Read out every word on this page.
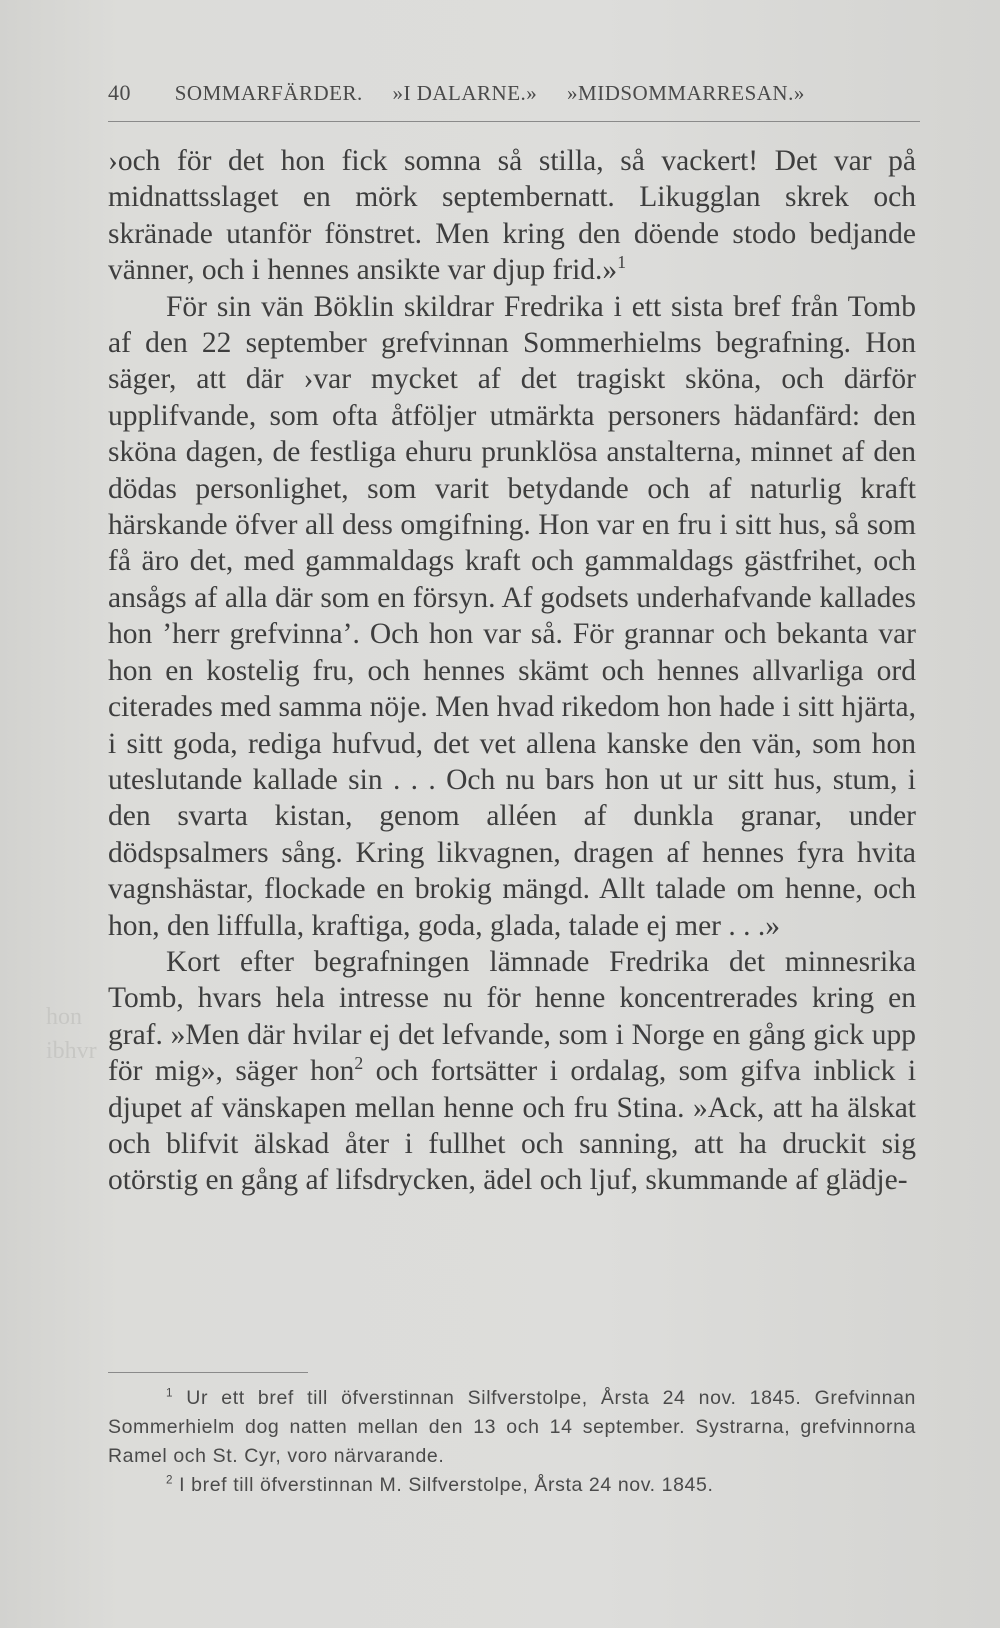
40 SOMMARFÄRDER. »I DALARNE.» »MIDSOMMARRESAN.»

›och för det hon fick somna så stilla, så vackert! Det var på midnattsslaget en mörk septembernatt. Likugglan skrek och skränade utanför fönstret. Men kring den döende stodo bedjande vänner, och i hennes ansikte var djup frid.»$^1$

För sin vän Böklin skildrar Fredrika i ett sista bref från Tomb af den 22 september grefvinnan Sommerhielms begrafning. Hon säger, att där ›var mycket af det tragiskt sköna, och därför upplifvande, som ofta åtföljer utmärkta personers hädanfärd: den sköna dagen, de festliga ehuru prunklösa anstalterna, minnet af den dödas personlighet, som varit betydande och af naturlig kraft härskande öfver all dess omgifning. Hon var en fru i sitt hus, så som få äro det, med gammaldags kraft och gammaldags gästfrihet, och ansågs af alla där som en försyn. Af godsets underhafvande kallades hon ’herr grefvinna’. Och hon var så. För grannar och bekanta var hon en kostelig fru, och hennes skämt och hennes allvarliga ord citerades med samma nöje. Men hvad rikedom hon hade i sitt hjärta, i sitt goda, rediga hufvud, det vet allena kanske den vän, som hon uteslutande kallade sin . . . Och nu bars hon ut ur sitt hus, stum, i den svarta kistan, genom alléen af dunkla granar, under dödspsalmers sång. Kring likvagnen, dragen af hennes fyra hvita vagnshästar, flockade en brokig mängd. Allt talade om henne, och hon, den liffulla, kraftiga, goda, glada, talade ej mer . . .»

Kort efter begrafningen lämnade Fredrika det minnesrika Tomb, hvars hela intresse nu för henne koncentrerades kring en graf. »Men där hvilar ej det lefvande, som i Norge en gång gick upp för mig», säger hon$^2$ och fortsätter i ordalag, som gifva inblick i djupet af vänskapen mellan henne och fru Stina. »Ack, att ha älskat och blifvit älskad åter i fullhet och sanning, att ha druckit sig otörstig en gång af lifsdrycken, ädel och ljuf, skummande af glädje-

$^1$ Ur ett bref till öfverstinnan Silfverstolpe, Årsta 24 nov. 1845. Grefvinnan Sommerhielm dog natten mellan den 13 och 14 september. Systrarna, grefvinnorna Ramel och St. Cyr, voro närvarande.

$^2$ I bref till öfverstinnan M. Silfverstolpe, Årsta 24 nov. 1845.

hon
ibhvr
